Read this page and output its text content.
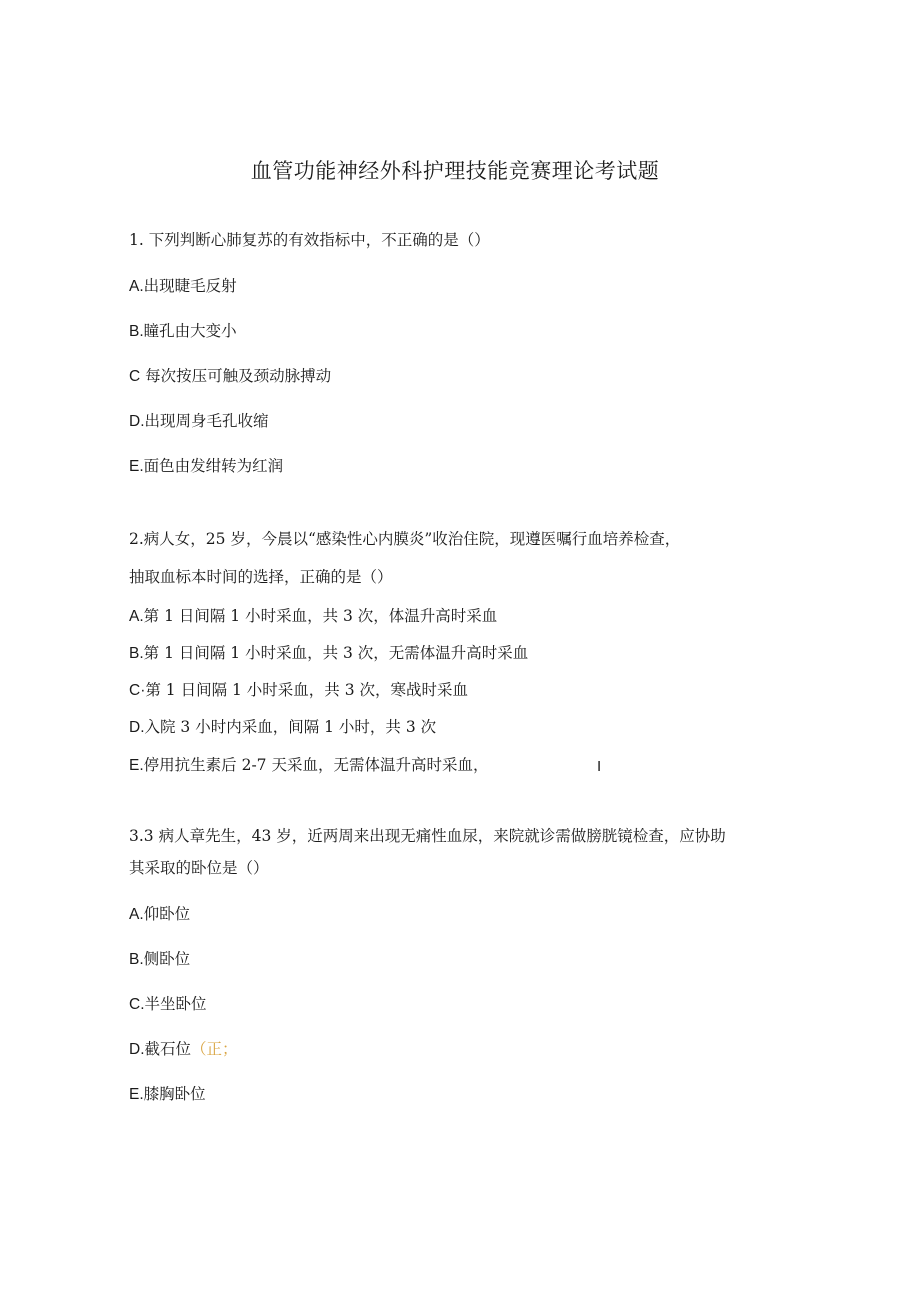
血管功能神经外科护理技能竞赛理论考试题
1. 下列判断心肺复苏的有效指标中，不正确的是（）
A.出现睫毛反射
B.瞳孔由大变小
C 每次按压可触及颈动脉搏动
D.出现周身毛孔收缩
E.面色由发绀转为红润
2.病人女，25 岁，今晨以“感染性心内膜炎”收治住院，现遵医嘱行血培养检查，
抽取血标本时间的选择，正确的是（）
A.第 1 日间隔 1 小时采血，共 3 次，体温升高时采血
B.第 1 日间隔 1 小时采血，共 3 次，无需体温升高时采血
C·第 1 日间隔 1 小时采血，共 3 次，寒战时采血
D.入院 3 小时内采血，间隔 1 小时，共 3 次
E.停用抗生素后 2-7 天采血，无需体温升高时采血，	I
3.3 病人章先生，43 岁，近两周来出现无痛性血尿，来院就诊需做膀胱镜检查，应协助
其采取的卧位是（）
A.仰卧位
B.侧卧位
C.半坐卧位
D.截石位（正；
E.膝胸卧位
